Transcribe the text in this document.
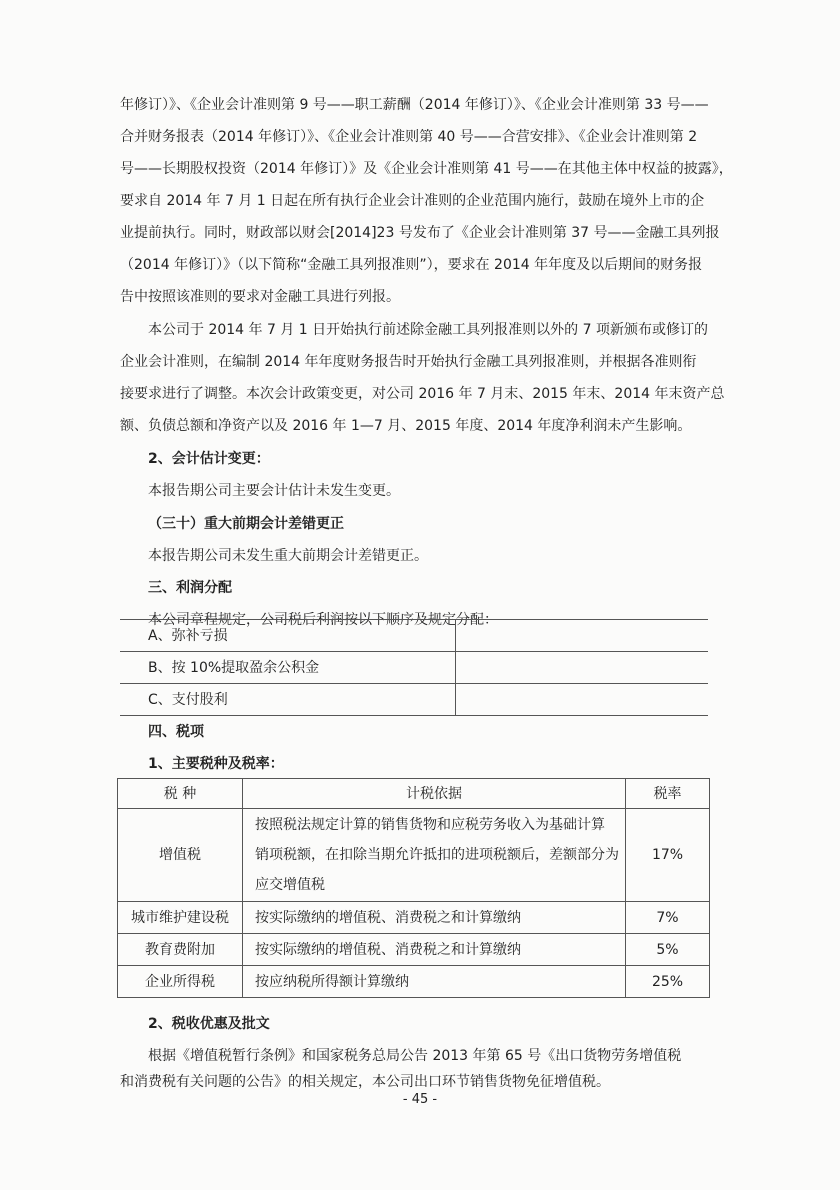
年修订）》、《企业会计准则第 9 号——职工薪酬（2014 年修订）》、《企业会计准则第 33 号——
合并财务报表（2014 年修订）》、《企业会计准则第 40 号——合营安排》、《企业会计准则第 2
号——长期股权投资（2014 年修订）》及《企业会计准则第 41 号——在其他主体中权益的披露》，
要求自 2014 年 7 月 1 日起在所有执行企业会计准则的企业范围内施行，鼓励在境外上市的企
业提前执行。同时，财政部以财会[2014]23 号发布了《企业会计准则第 37 号——金融工具列报
（2014 年修订）》（以下简称“金融工具列报准则”），要求在 2014 年年度及以后期间的财务报
告中按照该准则的要求对金融工具进行列报。
本公司于 2014 年 7 月 1 日开始执行前述除金融工具列报准则以外的 7 项新颁布或修订的
企业会计准则，在编制 2014 年年度财务报告时开始执行金融工具列报准则，并根据各准则衔
接要求进行了调整。本次会计政策变更，对公司 2016 年 7 月末、2015 年末、2014 年末资产总
额、负债总额和净资产以及 2016 年 1—7 月、2015 年度、2014 年度净利润未产生影响。
2、会计估计变更：
本报告期公司主要会计估计未发生变更。
（三十）重大前期会计差错更正
本报告期公司未发生重大前期会计差错更正。
三、利润分配
本公司章程规定，公司税后利润按以下顺序及规定分配：
A、弥补亏损	
B、按 10%提取盈余公积金	
C、支付股利	
四、税项
1、主要税种及税率：
税 种	计税依据	税率
增值税	按照税法规定计算的销售货物和应税劳务收入为基础计算
销项税额，在扣除当期允许抵扣的进项税额后，差额部分为
应交增值税	17%
城市维护建设税	按实际缴纳的增值税、消费税之和计算缴纳	7%
教育费附加	按实际缴纳的增值税、消费税之和计算缴纳	5%
企业所得税	按应纳税所得额计算缴纳	25%
2、税收优惠及批文
根据《增值税暂行条例》和国家税务总局公告 2013 年第 65 号《出口货物劳务增值税
和消费税有关问题的公告》的相关规定，本公司出口环节销售货物免征增值税。
- 45 -
